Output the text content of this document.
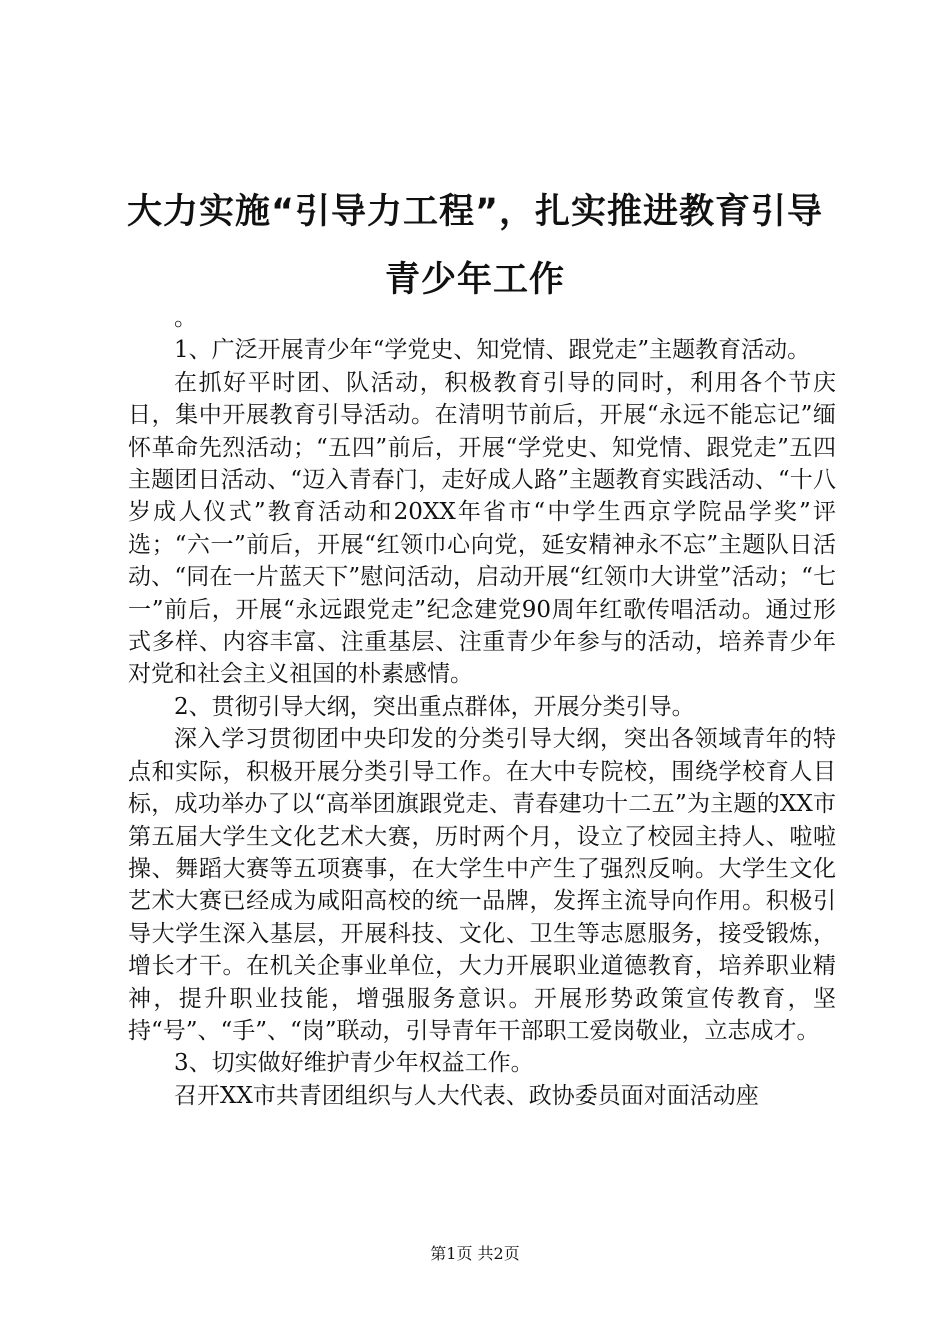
大力实施“引导力工程”，扎实推进教育引导青少年工作

。

1、广泛开展青少年“学党史、知党情、跟党走”主题教育活动。

在抓好平时团、队活动，积极教育引导的同时，利用各个节庆日，集中开展教育引导活动。在清明节前后，开展“永远不能忘记”缅怀革命先烈活动；“五四”前后，开展“学党史、知党情、跟党走”五四主题团日活动、“迈入青春门，走好成人路”主题教育实践活动、“十八岁成人仪式”教育活动和20XX年省市“中学生西京学院品学奖”评选；“六一”前后，开展“红领巾心向党，延安精神永不忘”主题队日活动、“同在一片蓝天下”慰问活动，启动开展“红领巾大讲堂”活动；“七一”前后，开展“永远跟党走”纪念建党90周年红歌传唱活动。通过形式多样、内容丰富、注重基层、注重青少年参与的活动，培养青少年对党和社会主义祖国的朴素感情。

2、贯彻引导大纲，突出重点群体，开展分类引导。

深入学习贯彻团中央印发的分类引导大纲，突出各领域青年的特点和实际，积极开展分类引导工作。在大中专院校，围绕学校育人目标，成功举办了以“高举团旗跟党走、青春建功十二五”为主题的XX市第五届大学生文化艺术大赛，历时两个月，设立了校园主持人、啦啦操、舞蹈大赛等五项赛事，在大学生中产生了强烈反响。大学生文化艺术大赛已经成为咸阳高校的统一品牌，发挥主流导向作用。积极引导大学生深入基层，开展科技、文化、卫生等志愿服务，接受锻炼，增长才干。在机关企事业单位，大力开展职业道德教育，培养职业精神，提升职业技能，增强服务意识。开展形势政策宣传教育，坚持“号”、“手”、“岗”联动，引导青年干部职工爱岗敬业，立志成才。

3、切实做好维护青少年权益工作。

召开XX市共青团组织与人大代表、政协委员面对面活动座

第1页 共2页
